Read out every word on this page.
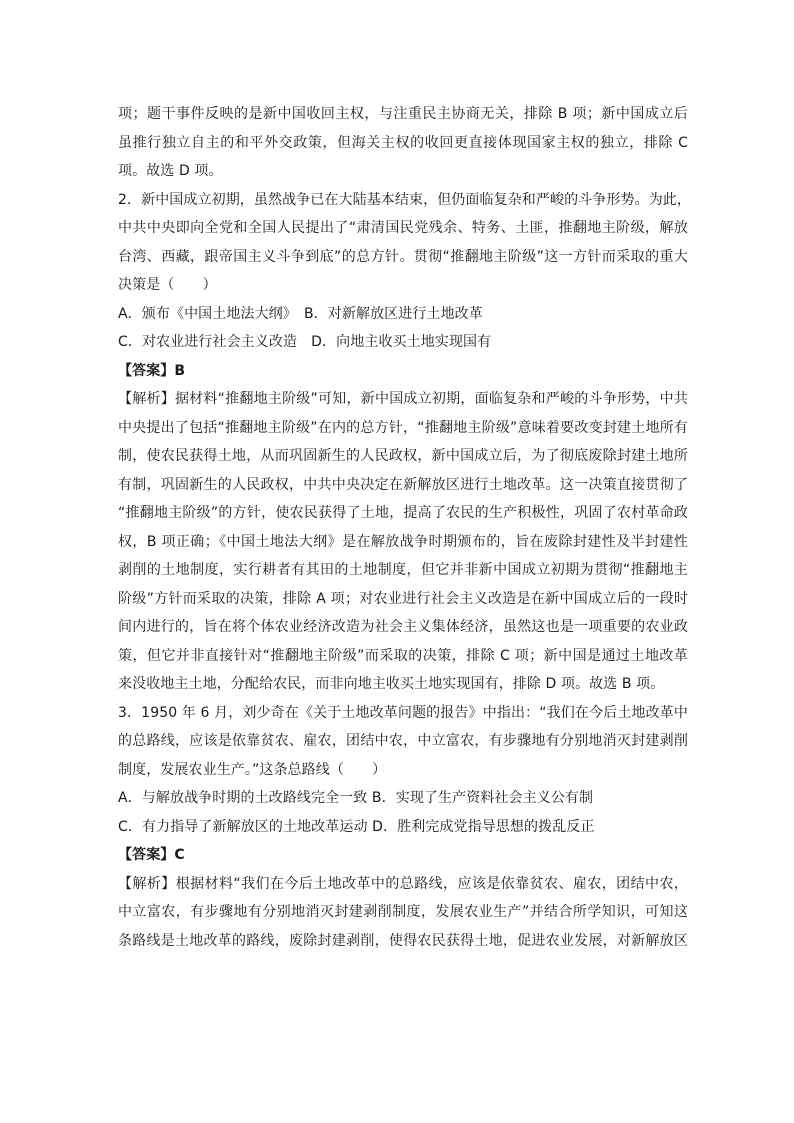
项；题干事件反映的是新中国收回主权，与注重民主协商无关，排除 B 项；新中国成立后
虽推行独立自主的和平外交政策，但海关主权的收回更直接体现国家主权的独立，排除 C
项。故选 D 项。
2．新中国成立初期，虽然战争已在大陆基本结束，但仍面临复杂和严峻的斗争形势。为此，
中共中央即向全党和全国人民提出了“肃清国民党残余、特务、土匪，推翻地主阶级，解放
台湾、西藏，跟帝国主义斗争到底”的总方针。贯彻“推翻地主阶级”这一方针而采取的重大
决策是（　　）
A．颁布《中国土地法大纲》　B．对新解放区进行土地改革
C．对农业进行社会主义改造　D．向地主收买土地实现国有
【答案】B
【解析】据材料“推翻地主阶级”可知，新中国成立初期，面临复杂和严峻的斗争形势，中共
中央提出了包括“推翻地主阶级”在内的总方针，“推翻地主阶级”意味着要改变封建土地所有
制，使农民获得土地，从而巩固新生的人民政权，新中国成立后，为了彻底废除封建土地所
有制，巩固新生的人民政权，中共中央决定在新解放区进行土地改革。这一决策直接贯彻了
“推翻地主阶级”的方针，使农民获得了土地，提高了农民的生产积极性，巩固了农村革命政
权，B 项正确；《中国土地法大纲》是在解放战争时期颁布的，旨在废除封建性及半封建性
剥削的土地制度，实行耕者有其田的土地制度，但它并非新中国成立初期为贯彻“推翻地主
阶级”方针而采取的决策，排除 A 项；对农业进行社会主义改造是在新中国成立后的一段时
间内进行的，旨在将个体农业经济改造为社会主义集体经济，虽然这也是一项重要的农业政
策，但它并非直接针对“推翻地主阶级”而采取的决策，排除 C 项；新中国是通过土地改革
来没收地主土地，分配给农民，而非向地主收买土地实现国有，排除 D 项。故选 B 项。
3．1950 年 6 月，刘少奇在《关于土地改革问题的报告》中指出：“我们在今后土地改革中
的总路线，应该是依靠贫农、雇农，团结中农，中立富农，有步骤地有分别地消灭封建剥削
制度，发展农业生产。”这条总路线（　　）
A．与解放战争时期的土改路线完全一致 B．实现了生产资料社会主义公有制
C．有力指导了新解放区的土地改革运动 D．胜利完成党指导思想的拨乱反正
【答案】C
【解析】根据材料“我们在今后土地改革中的总路线，应该是依靠贫农、雇农，团结中农，
中立富农，有步骤地有分别地消灭封建剥削制度，发展农业生产”并结合所学知识，可知这
条路线是土地改革的路线，废除封建剥削，使得农民获得土地，促进农业发展，对新解放区
